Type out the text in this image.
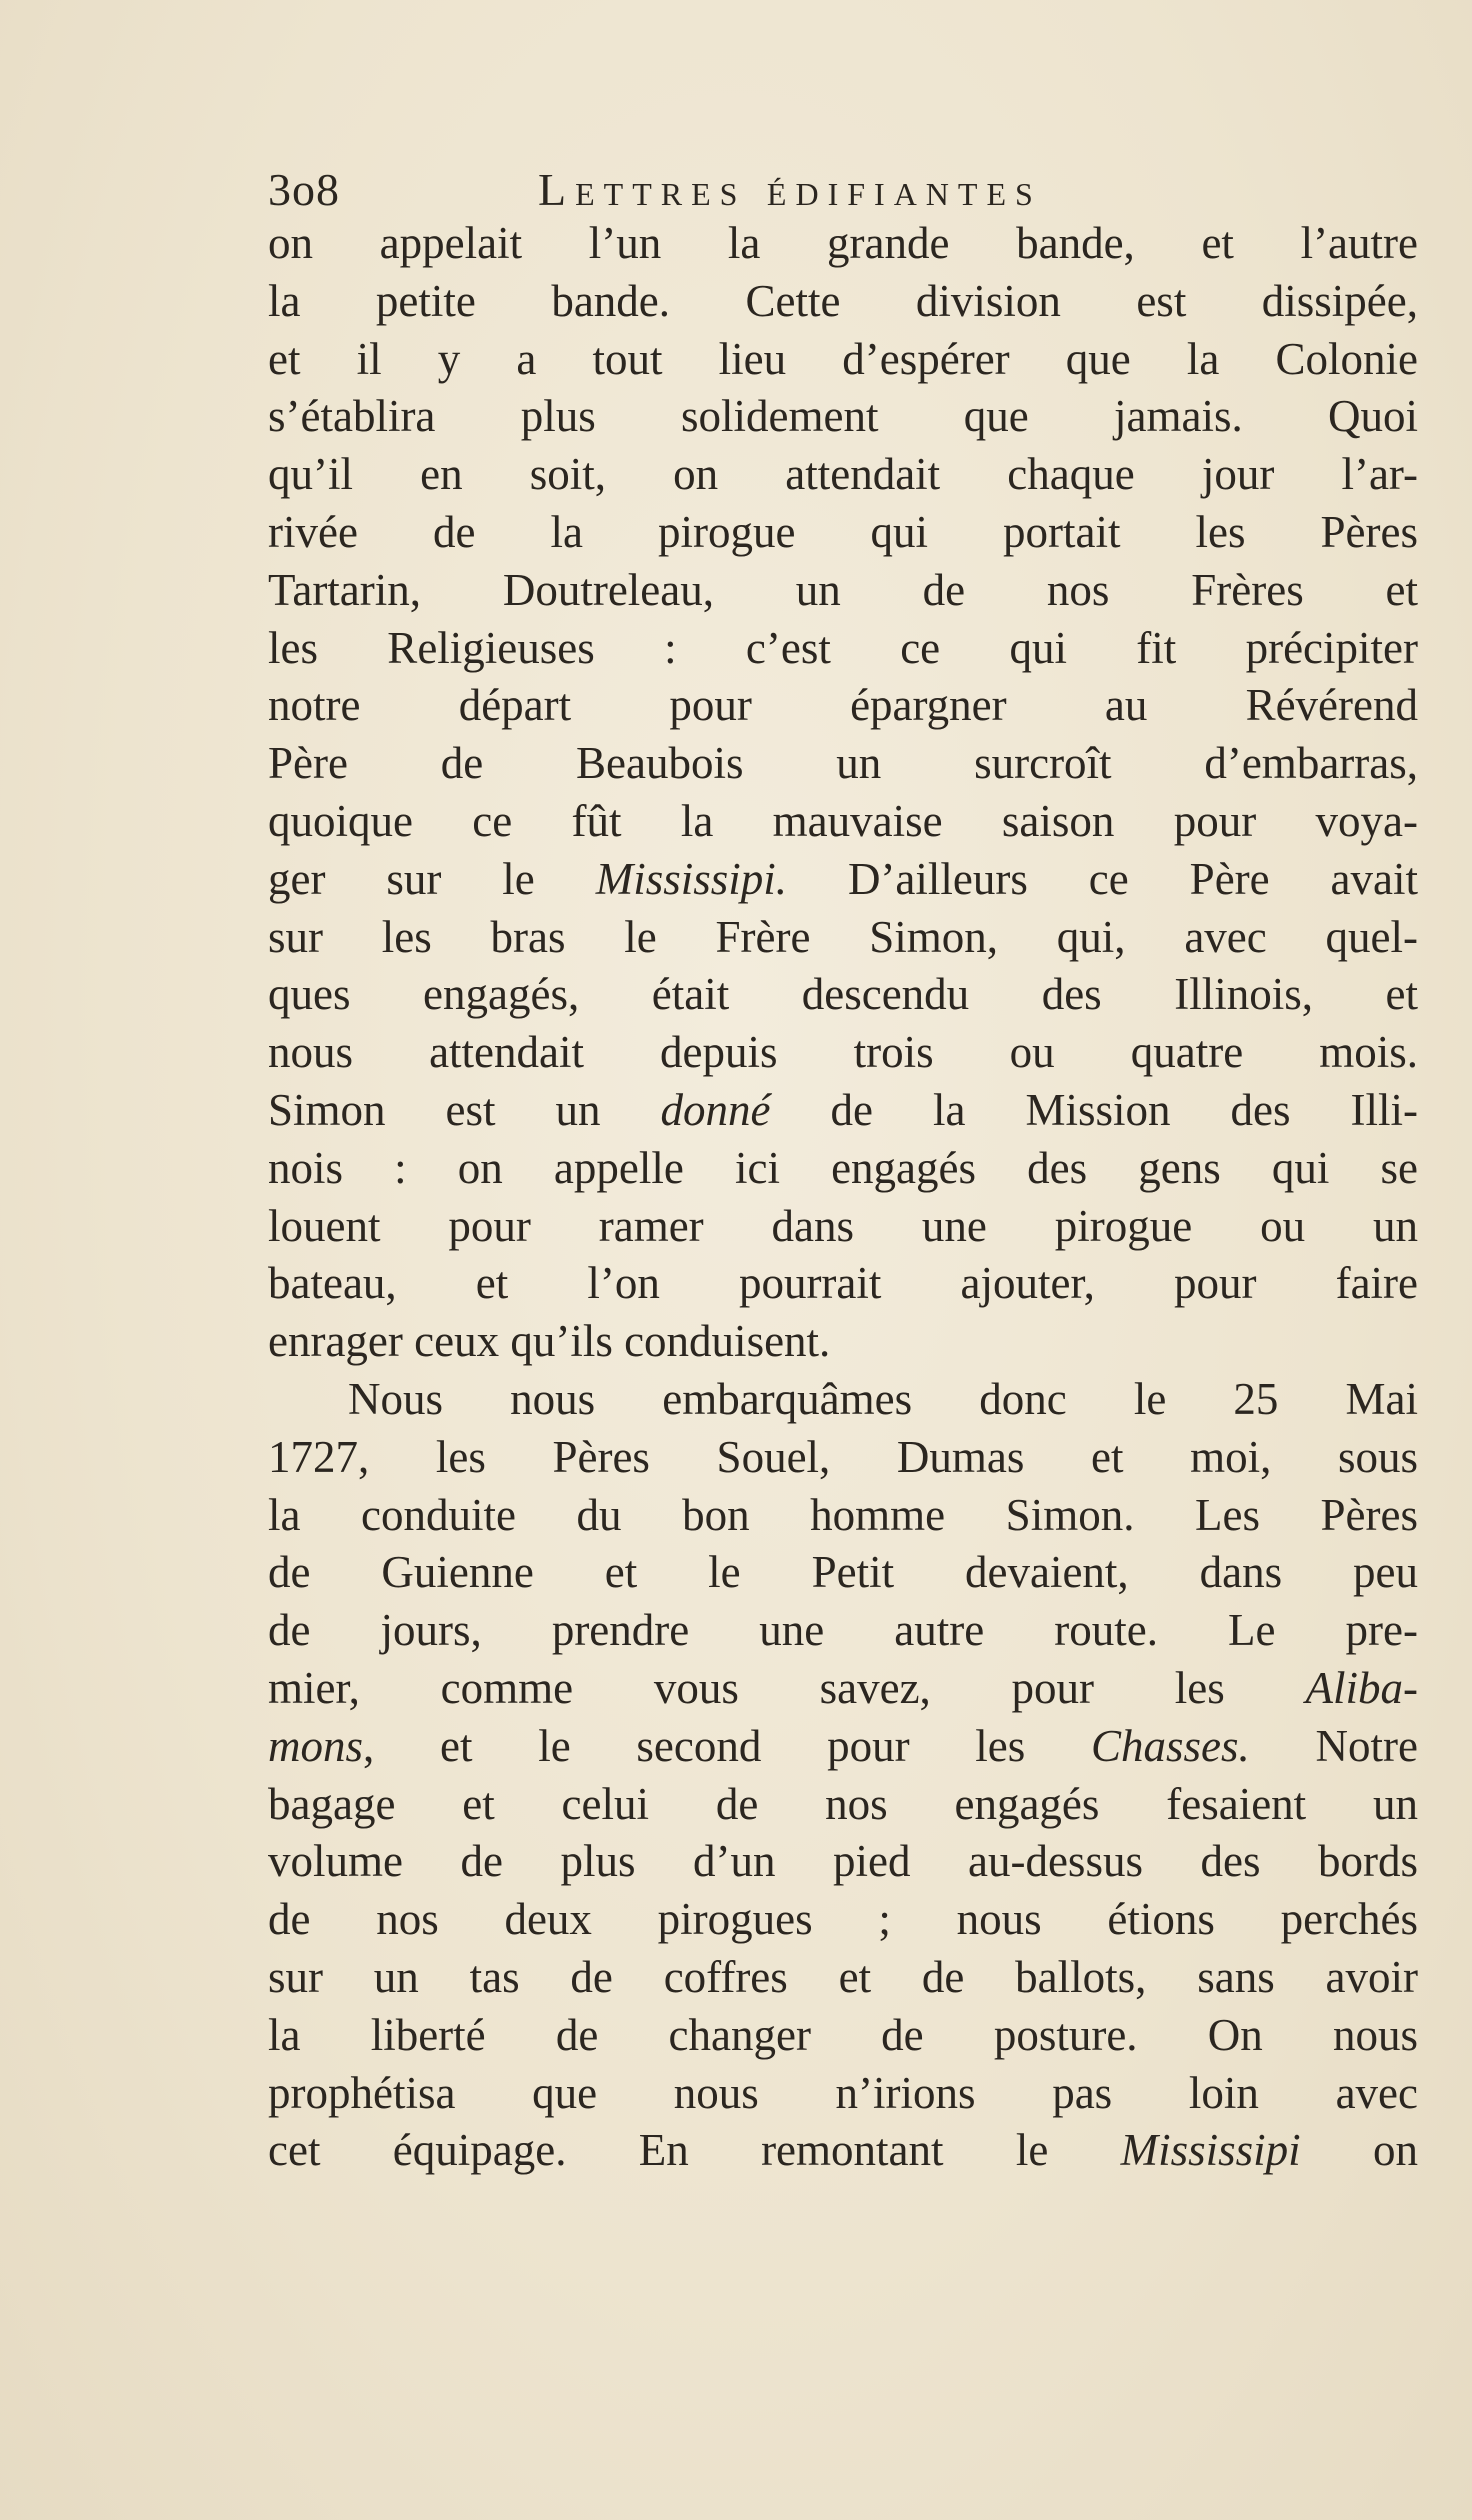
3o8	Lettres édifiantes
on appelait l’un la grande bande, et l’autre
la petite bande. Cette division est dissipée,
et il y a tout lieu d’espérer que la Colonie
s’établira plus solidement que jamais. Quoi
qu’il en soit, on attendait chaque jour l’ar-
rivée de la pirogue qui portait les Pères
Tartarin, Doutreleau, un de nos Frères et
les Religieuses : c’est ce qui fit précipiter
notre départ pour épargner au Révérend
Père de Beaubois un surcroît d’embarras,
quoique ce fût la mauvaise saison pour voya-
ger sur le Mississipi. D’ailleurs ce Père avait
sur les bras le Frère Simon, qui, avec quel-
ques engagés, était descendu des Illinois, et
nous attendait depuis trois ou quatre mois.
Simon est un donné de la Mission des Illi-
nois : on appelle ici engagés des gens qui se
louent pour ramer dans une pirogue ou un
bateau, et l’on pourrait ajouter, pour faire
enrager ceux qu’ils conduisent.
Nous nous embarquâmes donc le 25 Mai
1727, les Pères Souel, Dumas et moi, sous
la conduite du bon homme Simon. Les Pères
de Guienne et le Petit devaient, dans peu
de jours, prendre une autre route. Le pre-
mier, comme vous savez, pour les Aliba-
mons, et le second pour les Chasses. Notre
bagage et celui de nos engagés fesaient un
volume de plus d’un pied au-dessus des bords
de nos deux pirogues ; nous étions perchés
sur un tas de coffres et de ballots, sans avoir
la liberté de changer de posture. On nous
prophétisa que nous n’irions pas loin avec
cet équipage. En remontant le Mississipi on
